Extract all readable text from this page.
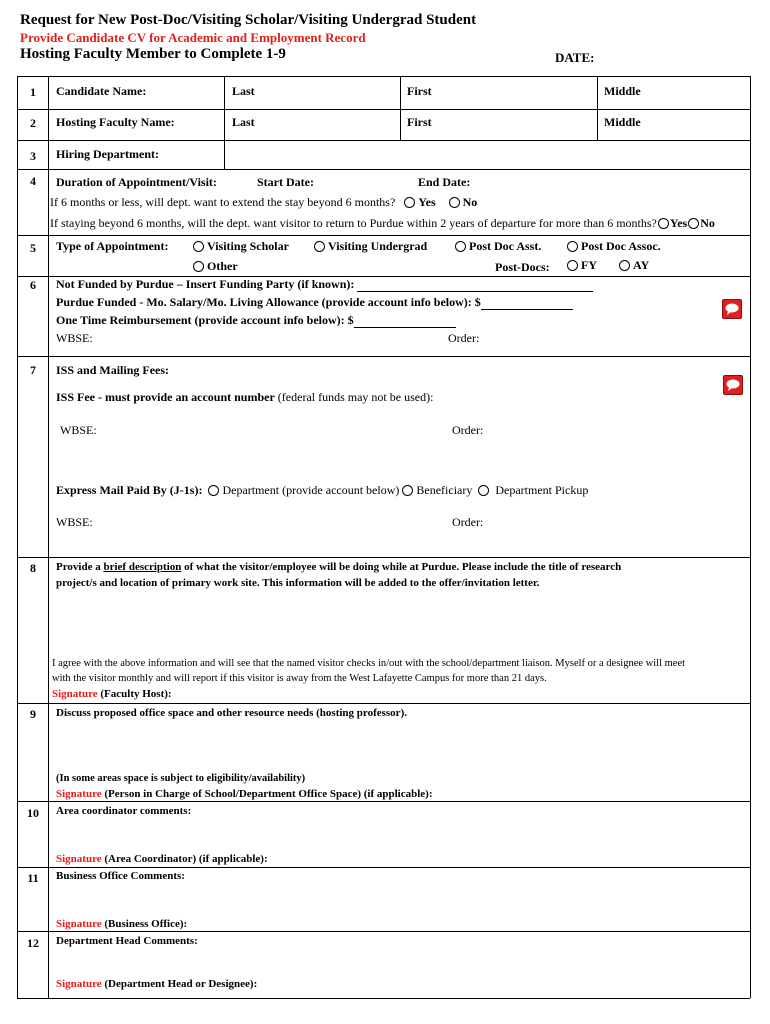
Request for New Post-Doc/Visiting Scholar/Visiting Undergrad Student
Provide Candidate CV for Academic and Employment Record
Hosting Faculty Member to Complete 1-9	DATE:
1	Candidate Name:	Last	First	Middle
2	Hosting Faculty Name:	Last	First	Middle
3	Hiring Department:
4	Duration of Appointment/Visit:	Start Date:	End Date:
If 6 months or less, will dept. want to extend the stay beyond 6 months? Yes No
If staying beyond 6 months, will the dept. want visitor to return to Purdue within 2 years of departure for more than 6 months? Yes No
5	Type of Appointment:	Visiting Scholar	Visiting Undergrad	Post Doc Asst.	Post Doc Assoc.
Other	Post-Docs:	FY	AY
6	Not Funded by Purdue – Insert Funding Party (if known):
Purdue Funded - Mo. Salary/Mo. Living Allowance (provide account info below): $
One Time Reimbursement (provide account info below): $
WBSE:	Order:
7	ISS and Mailing Fees:
ISS Fee - must provide an account number (federal funds may not be used):
WBSE:	Order:
Express Mail Paid By (J-1s): Department (provide account below) Beneficiary Department Pickup
WBSE:	Order:
8	Provide a brief description of what the visitor/employee will be doing while at Purdue. Please include the title of research
project/s and location of primary work site. This information will be added to the offer/invitation letter.
I agree with the above information and will see that the named visitor checks in/out with the school/department liaison. Myself or a designee will meet
with the visitor monthly and will report if this visitor is away from the West Lafayette Campus for more than 21 days.
Signature (Faculty Host):
9	Discuss proposed office space and other resource needs (hosting professor).
(In some areas space is subject to eligibility/availability)
Signature (Person in Charge of School/Department Office Space) (if applicable):
10	Area coordinator comments:
Signature (Area Coordinator) (if applicable):
11	Business Office Comments:
Signature (Business Office):
12	Department Head Comments:
Signature (Department Head or Designee):
